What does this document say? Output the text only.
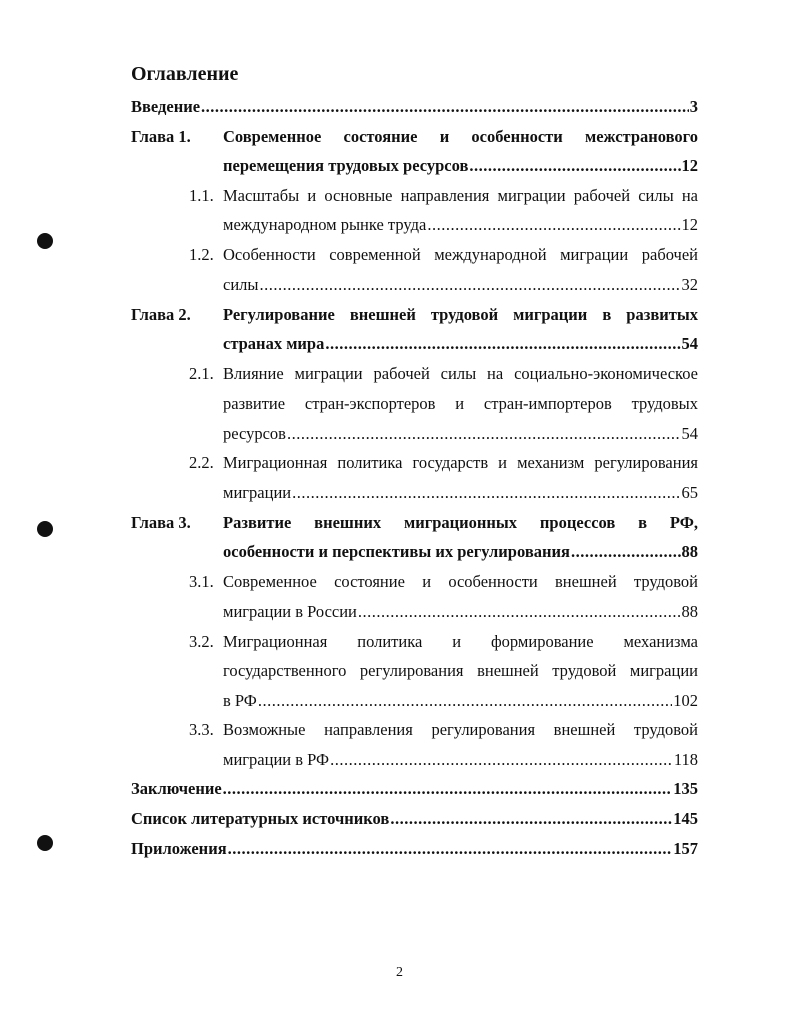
Оглавление
Введение .....	3
Глава 1.	Современное состояние и особенности межстранового
перемещения трудовых ресурсов .....	12
1.1. Масштабы и основные направления миграции рабочей силы на
международном рынке труда .....	12
1.2. Особенности современной международной миграции рабочей
силы .....	32
Глава 2.	Регулирование внешней трудовой миграции в развитых
странах мира .....	54
2.1. Влияние миграции рабочей силы на социально-экономическое
развитие стран-экспортеров и стран-импортеров трудовых
ресурсов .....	54
2.2. Миграционная политика государств и механизм регулирования
миграции .....	65
Глава 3.	Развитие внешних миграционных процессов в РФ,
особенности и перспективы их регулирования .....	88
3.1. Современное состояние и особенности внешней трудовой
миграции в России .....	88
3.2. Миграционная политика и формирование механизма
государственного регулирования внешней трудовой миграции
в РФ .....	102
3.3. Возможные направления регулирования внешней трудовой
миграции в РФ .....	118
Заключение .....	135
Список литературных источников .....	145
Приложения .....	157
2
